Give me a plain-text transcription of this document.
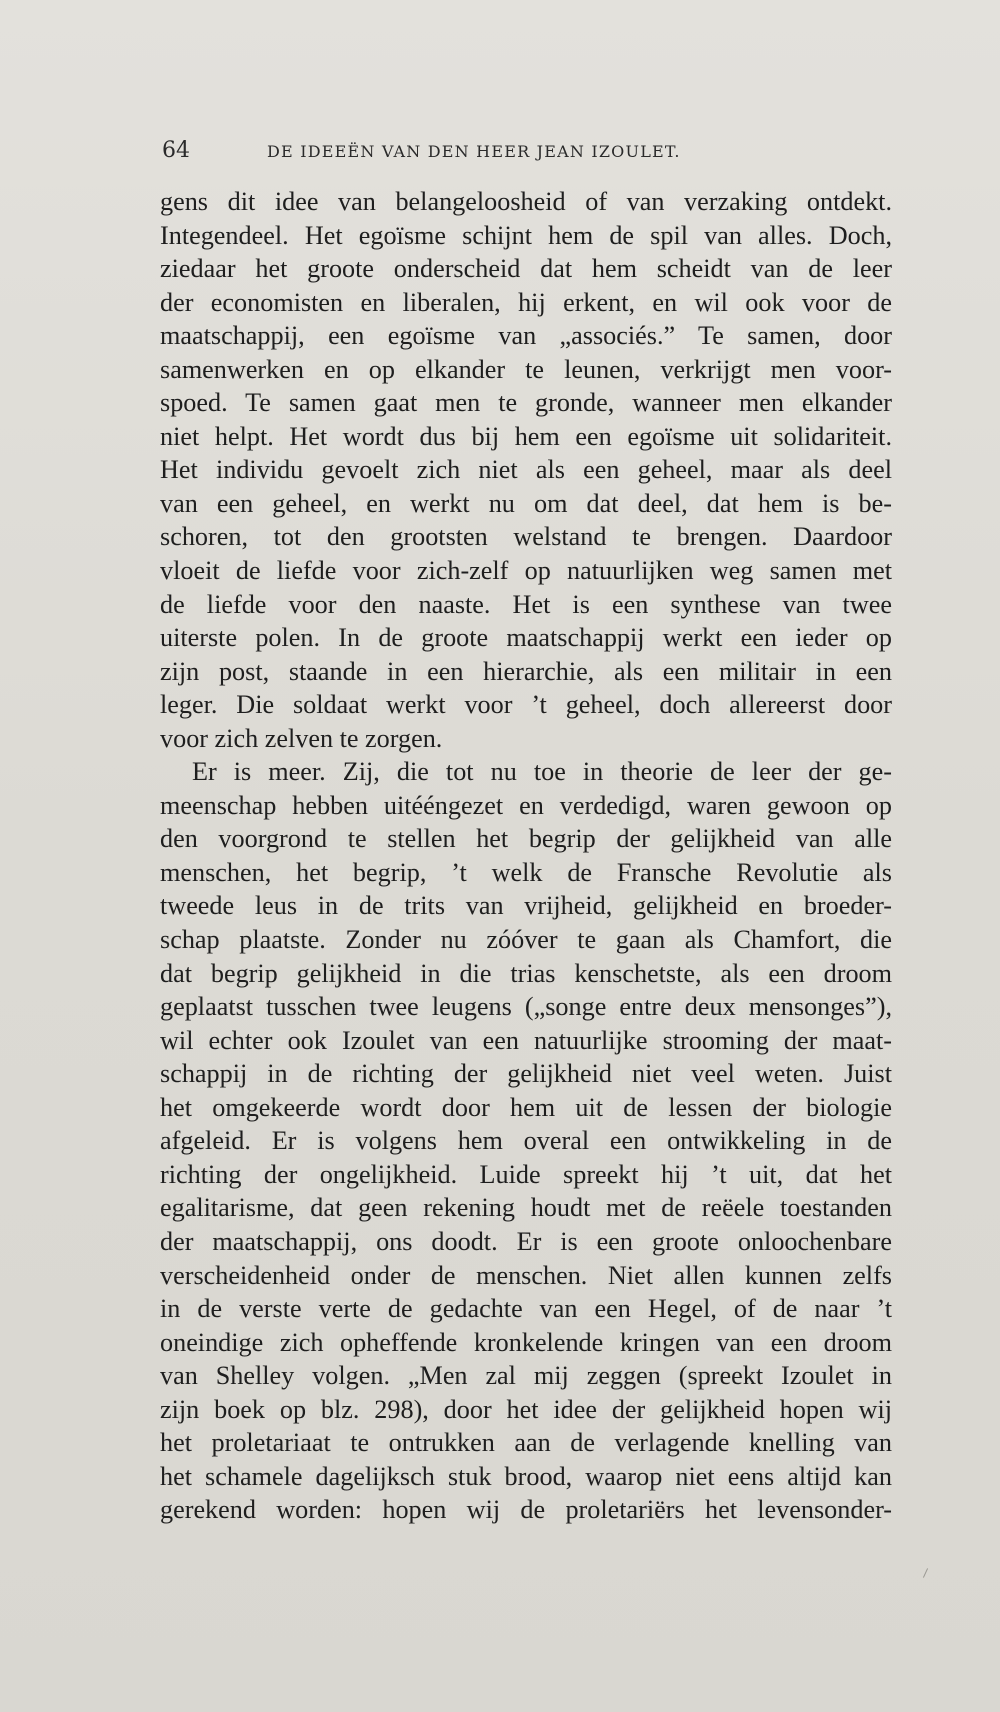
64	DE IDEEËN VAN DEN HEER JEAN IZOULET.
gens dit idee van belangeloosheid of van verzaking ontdekt.
Integendeel. Het egoïsme schijnt hem de spil van alles. Doch,
ziedaar het groote onderscheid dat hem scheidt van de leer
der economisten en liberalen, hij erkent, en wil ook voor de
maatschappij, een egoïsme van „associés.” Te samen, door
samenwerken en op elkander te leunen, verkrijgt men voor-
spoed. Te samen gaat men te gronde, wanneer men elkander
niet helpt. Het wordt dus bij hem een egoïsme uit solidariteit.
Het individu gevoelt zich niet als een geheel, maar als deel
van een geheel, en werkt nu om dat deel, dat hem is be-
schoren, tot den grootsten welstand te brengen. Daardoor
vloeit de liefde voor zich-zelf op natuurlijken weg samen met
de liefde voor den naaste. Het is een synthese van twee
uiterste polen. In de groote maatschappij werkt een ieder op
zijn post, staande in een hierarchie, als een militair in een
leger. Die soldaat werkt voor ’t geheel, doch allereerst door
voor zich zelven te zorgen.
Er is meer. Zij, die tot nu toe in theorie de leer der ge-
meenschap hebben uitééngezet en verdedigd, waren gewoon op
den voorgrond te stellen het begrip der gelijkheid van alle
menschen, het begrip, ’t welk de Fransche Revolutie als
tweede leus in de trits van vrijheid, gelijkheid en broeder-
schap plaatste. Zonder nu zóóver te gaan als Chamfort, die
dat begrip gelijkheid in die trias kenschetste, als een droom
geplaatst tusschen twee leugens („songe entre deux mensonges”),
wil echter ook Izoulet van een natuurlijke strooming der maat-
schappij in de richting der gelijkheid niet veel weten. Juist
het omgekeerde wordt door hem uit de lessen der biologie
afgeleid. Er is volgens hem overal een ontwikkeling in de
richting der ongelijkheid. Luide spreekt hij ’t uit, dat het
egalitarisme, dat geen rekening houdt met de reëele toestanden
der maatschappij, ons doodt. Er is een groote onloochenbare
verscheidenheid onder de menschen. Niet allen kunnen zelfs
in de verste verte de gedachte van een Hegel, of de naar ’t
oneindige zich opheffende kronkelende kringen van een droom
van Shelley volgen. „Men zal mij zeggen (spreekt Izoulet in
zijn boek op blz. 298), door het idee der gelijkheid hopen wij
het proletariaat te ontrukken aan de verlagende knelling van
het schamele dagelijksch stuk brood, waarop niet eens altijd kan
gerekend worden: hopen wij de proletariërs het levensonder-
